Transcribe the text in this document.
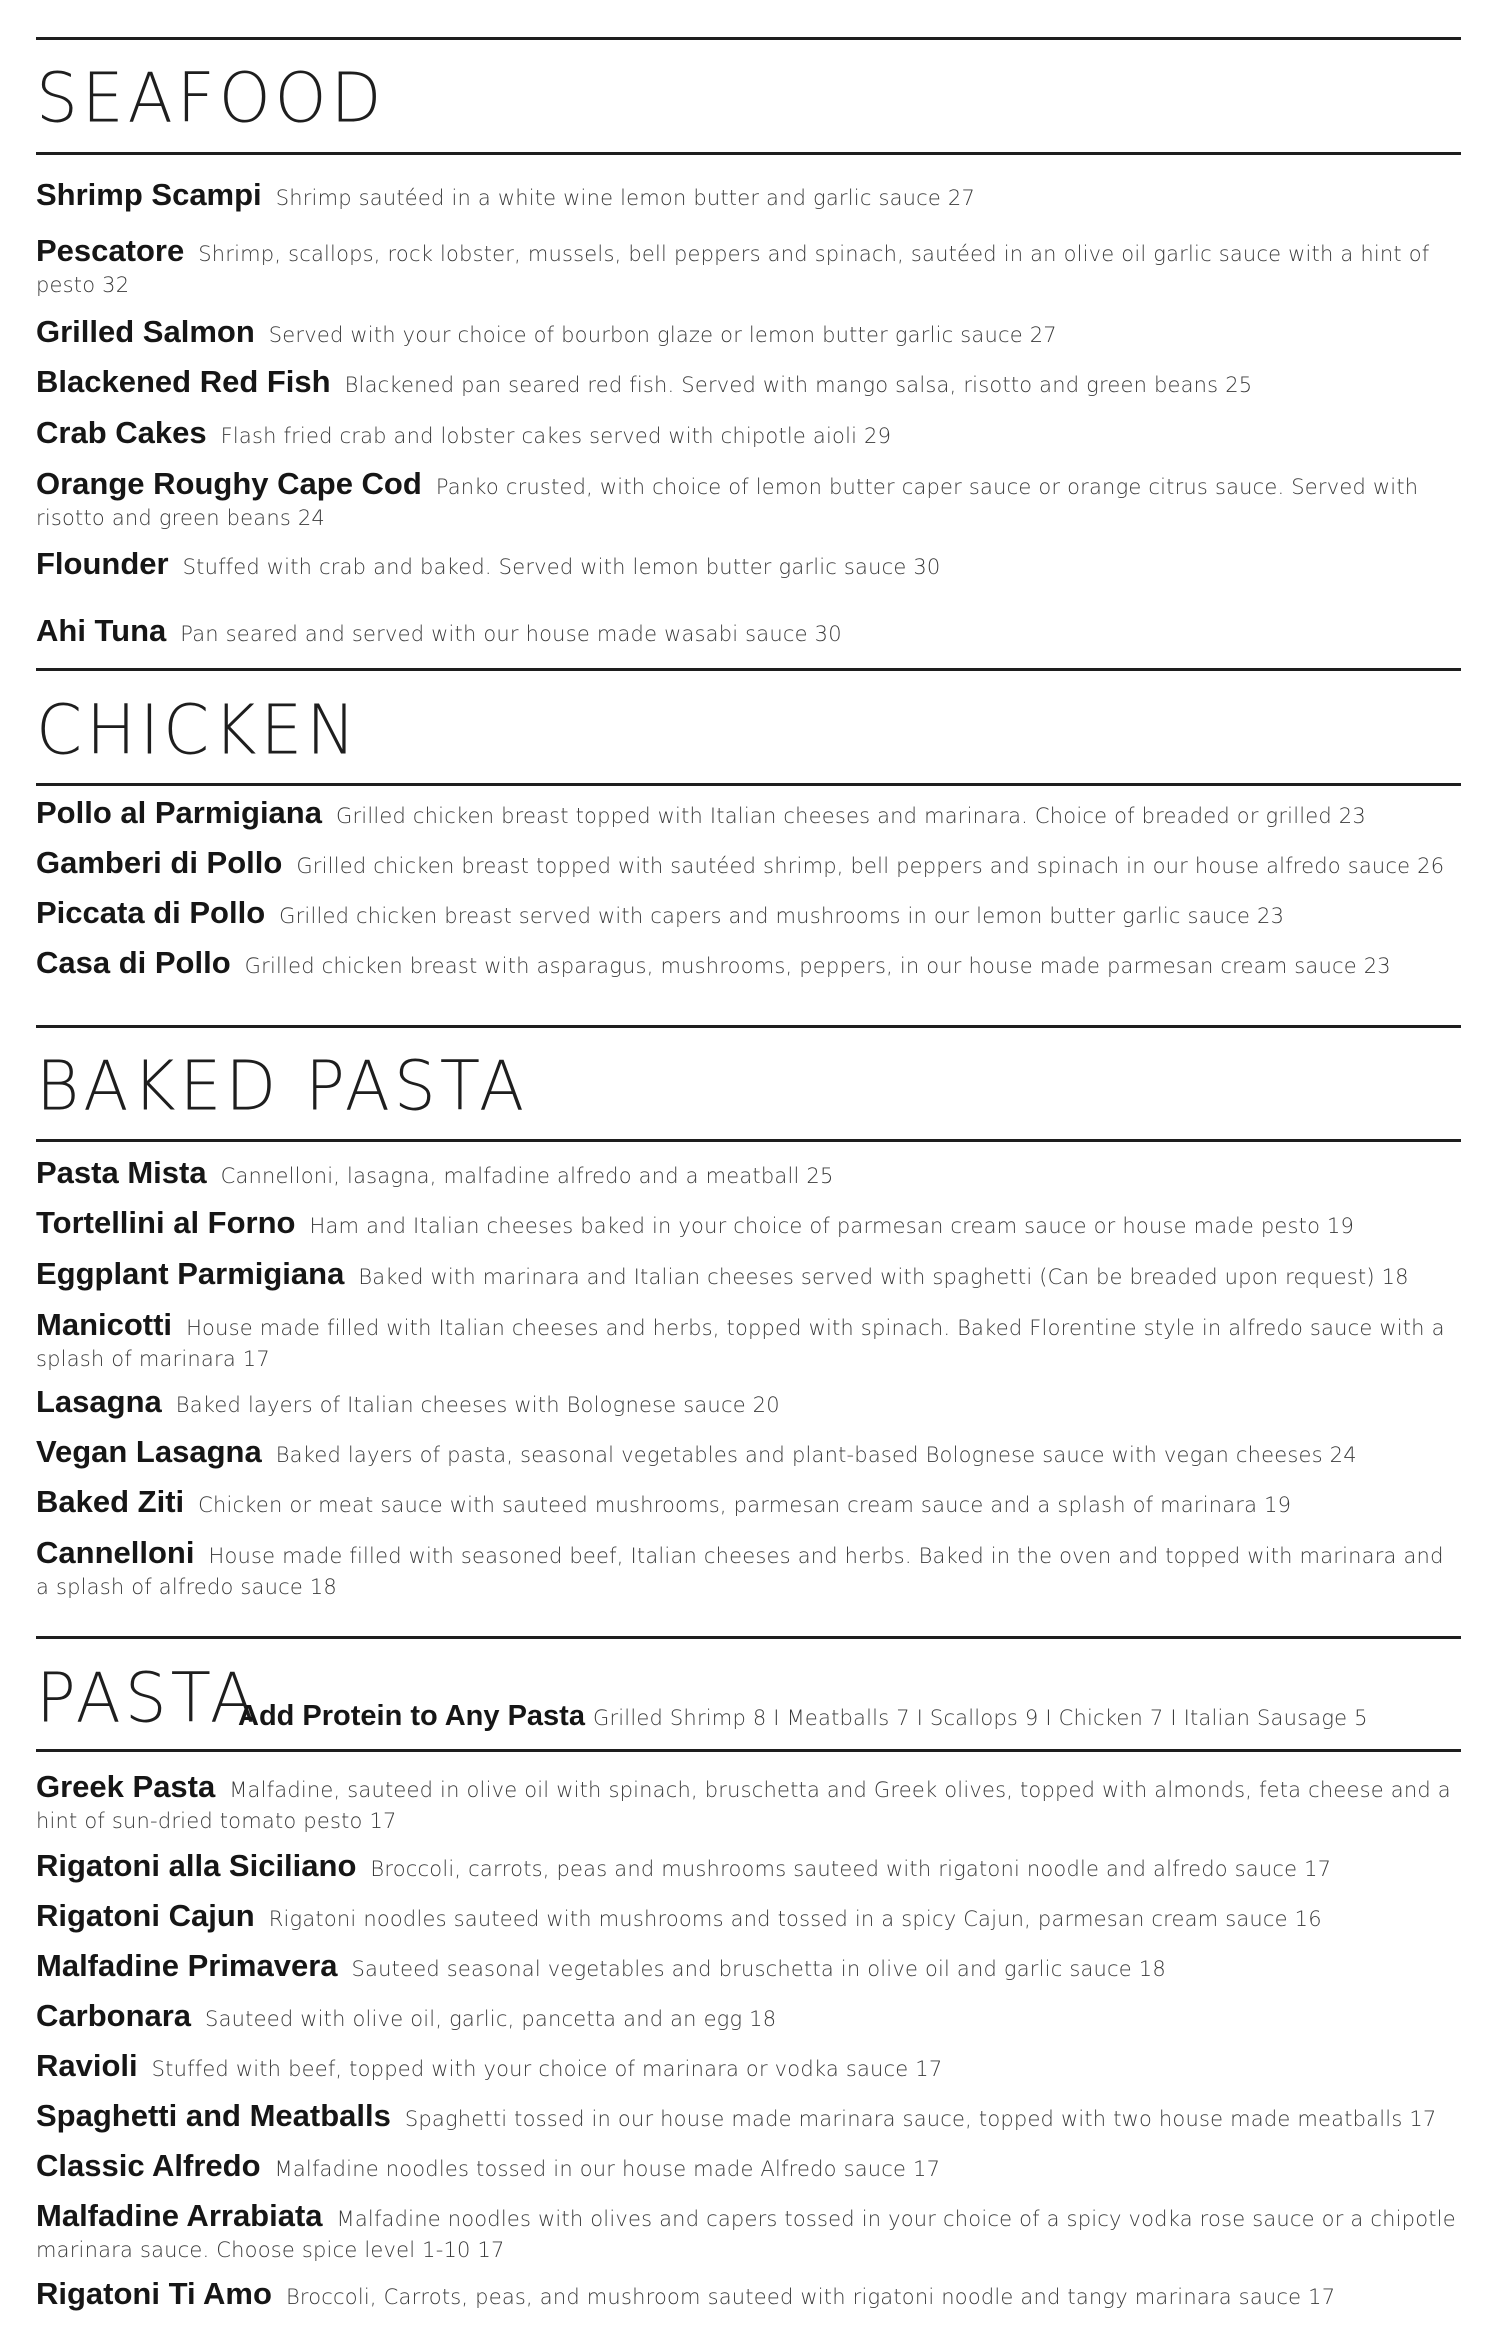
SEAFOOD
Shrimp Scampi Shrimp sautéed in a white wine lemon butter and garlic sauce 27
Pescatore Shrimp, scallops, rock lobster, mussels, bell peppers and spinach, sautéed in an olive oil garlic sauce with a hint of pesto 32
Grilled Salmon Served with your choice of bourbon glaze or lemon butter garlic sauce 27
Blackened Red Fish Blackened pan seared red fish. Served with mango salsa, risotto and green beans 25
Crab Cakes Flash fried crab and lobster cakes served with chipotle aioli 29
Orange Roughy Cape Cod Panko crusted, with choice of lemon butter caper sauce or orange citrus sauce. Served with risotto and green beans 24
Flounder Stuffed with crab and baked. Served with lemon butter garlic sauce 30
Ahi Tuna Pan seared and served with our house made wasabi sauce 30
CHICKEN
Pollo al Parmigiana Grilled chicken breast topped with Italian cheeses and marinara. Choice of breaded or grilled 23
Gamberi di Pollo Grilled chicken breast topped with sautéed shrimp, bell peppers and spinach in our house alfredo sauce 26
Piccata di Pollo Grilled chicken breast served with capers and mushrooms in our lemon butter garlic sauce 23
Casa di Pollo Grilled chicken breast with asparagus, mushrooms, peppers, in our house made parmesan cream sauce 23
BAKED PASTA
Pasta Mista Cannelloni, lasagna, malfadine alfredo and a meatball 25
Tortellini al Forno Ham and Italian cheeses baked in your choice of parmesan cream sauce or house made pesto 19
Eggplant Parmigiana Baked with marinara and Italian cheeses served with spaghetti (Can be breaded upon request) 18
Manicotti House made filled with Italian cheeses and herbs, topped with spinach. Baked Florentine style in alfredo sauce with a splash of marinara 17
Lasagna Baked layers of Italian cheeses with Bolognese sauce 20
Vegan Lasagna Baked layers of pasta, seasonal vegetables and plant-based Bolognese sauce with vegan cheeses 24
Baked Ziti Chicken or meat sauce with sauteed mushrooms, parmesan cream sauce and a splash of marinara 19
Cannelloni House made filled with seasoned beef, Italian cheeses and herbs. Baked in the oven and topped with marinara and a splash of alfredo sauce 18
PASTA
Add Protein to Any Pasta Grilled Shrimp 8 I Meatballs 7 I Scallops 9 I Chicken 7 I Italian Sausage 5
Greek Pasta Malfadine, sauteed in olive oil with spinach, bruschetta and Greek olives, topped with almonds, feta cheese and a hint of sun-dried tomato pesto 17
Rigatoni alla Siciliano Broccoli, carrots, peas and mushrooms sauteed with rigatoni noodle and alfredo sauce 17
Rigatoni Cajun Rigatoni noodles sauteed with mushrooms and tossed in a spicy Cajun, parmesan cream sauce 16
Malfadine Primavera Sauteed seasonal vegetables and bruschetta in olive oil and garlic sauce 18
Carbonara Sauteed with olive oil, garlic, pancetta and an egg 18
Ravioli Stuffed with beef, topped with your choice of marinara or vodka sauce 17
Spaghetti and Meatballs Spaghetti tossed in our house made marinara sauce, topped with two house made meatballs 17
Classic Alfredo Malfadine noodles tossed in our house made Alfredo sauce 17
Malfadine Arrabiata Malfadine noodles with olives and capers tossed in your choice of a spicy vodka rose sauce or a chipotle marinara sauce. Choose spice level 1-10 17
Rigatoni Ti Amo Broccoli, Carrots, peas, and mushroom sauteed with rigatoni noodle and tangy marinara sauce 17
